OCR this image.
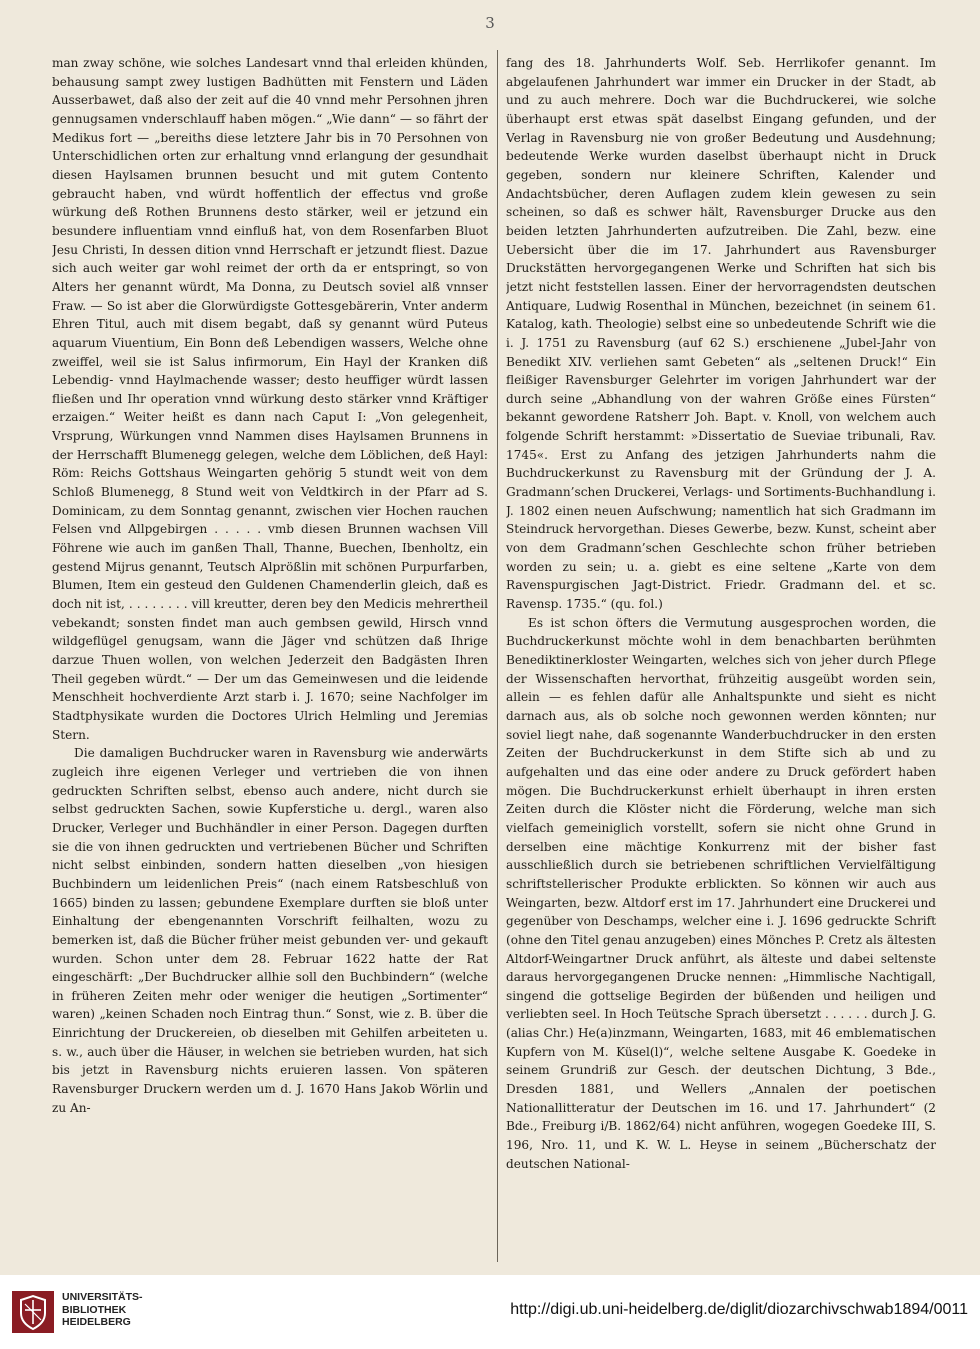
3

man zway schöne, wie solches Landesart vnnd thal erleiden khünden, behausung sampt zwey lustigen Badhütten mit Fenstern und Läden Ausserbawet, daß also der zeit auf die 40 vnnd mehr Persohnen jhren gennugsamen vnderschlauff haben mögen.“ „Wie dann“ — so fährt der Medikus fort — „bereiths diese letztere Jahr bis in 70 Persohnen von Unterschidlichen orten zur erhaltung vnnd erlangung der gesundhait diesen Haylsamen brunnen besucht und mit gutem Contento gebraucht haben, vnd würdt hoffentlich der effectus vnd große würkung deß Rothen Brunnens desto stärker, weil er jetzund ein besundere influentiam vnnd einfluß hat, von dem Rosenfarben Bluot Jesu Christi, In dessen dition vnnd Herrschaft er jetzundt fliest. Dazue sich auch weiter gar wohl reimet der orth da er entspringt, so von Alters her genannt würdt, Ma Donna, zu Deutsch soviel alß vnnser Fraw. — So ist aber die Glorwürdigste Gottesgebärerin, Vnter anderm Ehren Titul, auch mit disem begabt, daß sy genannt würd Puteus aquarum Viuentium, Ein Bonn deß Lebendigen wassers, Welche ohne zweiffel, weil sie ist Salus infirmorum, Ein Hayl der Kranken diß Lebendig- vnnd Haylmachende wasser; desto heuffiger würdt lassen fließen und Ihr operation vnnd würkung desto stärker vnnd Kräftiger erzaigen.“ Weiter heißt es dann nach Caput I: „Von gelegenheit, Vrsprung, Würkungen vnnd Nammen dises Haylsamen Brunnens in der Herrschafft Blumenegg gelegen, welche dem Löblichen, deß Hayl: Röm: Reichs Gottshaus Weingarten gehörig 5 stundt weit von dem Schloß Blumenegg, 8 Stund weit von Veldtkirch in der Pfarr ad S. Dominicam, zu dem Sonntag genannt, zwischen vier Hochen rauchen Felsen vnd Allpgebirgen . . . . . vmb diesen Brunnen wachsen Vill Föhrene wie auch im ganßen Thall, Thanne, Buechen, Ibenholtz, ein gestend Mijrus genannt, Teutsch Alprößlin mit schönen Purpurfarben, Blumen, Item ein gesteud den Guldenen Chamenderlin gleich, daß es doch nit ist, . . . . . . . . vill kreutter, deren bey den Medicis mehrertheil vebekandt; sonsten findet man auch gembsen gewild, Hirsch vnnd wildgeflügel genugsam, wann die Jäger vnd schützen daß Ihrige darzue Thuen wollen, von welchen Jederzeit den Badgästen Ihren Theil gegeben würdt.“ — Der um das Gemeinwesen und die leidende Menschheit hochverdiente Arzt starb i. J. 1670; seine Nachfolger im Stadtphysikate wurden die Doctores Ulrich Helmling und Jeremias Stern.

Die damaligen Buchdrucker waren in Ravensburg wie anderwärts zugleich ihre eigenen Verleger und vertrieben die von ihnen gedruckten Schriften selbst, ebenso auch andere, nicht durch sie selbst gedruckten Sachen, sowie Kupferstiche u. dergl., waren also Drucker, Verleger und Buchhändler in einer Person. Dagegen durften sie die von ihnen gedruckten und vertriebenen Bücher und Schriften nicht selbst einbinden, sondern hatten dieselben „von hiesigen Buchbindern um leidenlichen Preis“ (nach einem Ratsbeschluß von 1665) binden zu lassen; gebundene Exemplare durften sie bloß unter Einhaltung der ebengenannten Vorschrift feilhalten, wozu zu bemerken ist, daß die Bücher früher meist gebunden ver- und gekauft wurden. Schon unter dem 28. Februar 1622 hatte der Rat eingeschärft: „Der Buchdrucker allhie soll den Buchbindern“ (welche in früheren Zeiten mehr oder weniger die heutigen „Sortimenter“ waren) „keinen Schaden noch Eintrag thun.“ Sonst, wie z. B. über die Einrichtung der Druckereien, ob dieselben mit Gehilfen arbeiteten u. s. w., auch über die Häuser, in welchen sie betrieben wurden, hat sich bis jetzt in Ravensburg nichts eruieren lassen. Von späteren Ravensburger Druckern werden um d. J. 1670 Hans Jakob Wörlin und zu An-

fang des 18. Jahrhunderts Wolf. Seb. Herrlikofer genannt. Im abgelaufenen Jahrhundert war immer ein Drucker in der Stadt, ab und zu auch mehrere. Doch war die Buchdruckerei, wie solche überhaupt erst etwas spät daselbst Eingang gefunden, und der Verlag in Ravensburg nie von großer Bedeutung und Ausdehnung; bedeutende Werke wurden daselbst überhaupt nicht in Druck gegeben, sondern nur kleinere Schriften, Kalender und Andachtsbücher, deren Auflagen zudem klein gewesen zu sein scheinen, so daß es schwer hält, Ravensburger Drucke aus den beiden letzten Jahrhunderten aufzutreiben. Die Zahl, bezw. eine Uebersicht über die im 17. Jahrhundert aus Ravensburger Druckstätten hervorgegangenen Werke und Schriften hat sich bis jetzt nicht feststellen lassen. Einer der hervorragendsten deutschen Antiquare, Ludwig Rosenthal in München, bezeichnet (in seinem 61. Katalog, kath. Theologie) selbst eine so unbedeutende Schrift wie die i. J. 1751 zu Ravensburg (auf 62 S.) erschienene „Jubel-Jahr von Benedikt XIV. verliehen samt Gebeten“ als „seltenen Druck!“ Ein fleißiger Ravensburger Gelehrter im vorigen Jahrhundert war der durch seine „Abhandlung von der wahren Größe eines Fürsten“ bekannt gewordene Ratsherr Joh. Bapt. v. Knoll, von welchem auch folgende Schrift herstammt: »Dissertatio de Sueviae tribunali, Rav. 1745«. Erst zu Anfang des jetzigen Jahrhunderts nahm die Buchdruckerkunst zu Ravensburg mit der Gründung der J. A. Gradmann’schen Druckerei, Verlags- und Sortiments-Buchhandlung i. J. 1802 einen neuen Aufschwung; namentlich hat sich Gradmann im Steindruck hervorgethan. Dieses Gewerbe, bezw. Kunst, scheint aber von dem Gradmann’schen Geschlechte schon früher betrieben worden zu sein; u. a. giebt es eine seltene „Karte von dem Ravenspurgischen Jagt-District. Friedr. Gradmann del. et sc. Ravensp. 1735.“ (qu. fol.)

Es ist schon öfters die Vermutung ausgesprochen worden, die Buchdruckerkunst möchte wohl in dem benachbarten berühmten Benediktinerkloster Weingarten, welches sich von jeher durch Pflege der Wissenschaften hervorthat, frühzeitig ausgeübt worden sein, allein — es fehlen dafür alle Anhaltspunkte und sieht es nicht darnach aus, als ob solche noch gewonnen werden könnten; nur soviel liegt nahe, daß sogenannte Wanderbuchdrucker in den ersten Zeiten der Buchdruckerkunst in dem Stifte sich ab und zu aufgehalten und das eine oder andere zu Druck gefördert haben mögen. Die Buchdruckerkunst erhielt überhaupt in ihren ersten Zeiten durch die Klöster nicht die Förderung, welche man sich vielfach gemeiniglich vorstellt, sofern sie nicht ohne Grund in derselben eine mächtige Konkurrenz mit der bisher fast ausschließlich durch sie betriebenen schriftlichen Vervielfältigung schriftstellerischer Produkte erblickten. So können wir auch aus Weingarten, bezw. Altdorf erst im 17. Jahrhundert eine Druckerei und gegenüber von Deschamps, welcher eine i. J. 1696 gedruckte Schrift (ohne den Titel genau anzugeben) eines Mönches P. Cretz als ältesten Altdorf-Weingartner Druck anführt, als älteste und dabei seltenste daraus hervorgegangenen Drucke nennen: „Himmlische Nachtigall, singend die gottselige Begirden der büßenden und heiligen und verliebten seel. In Hoch Teütsche Sprach übersetzt . . . . . . durch J. G. (alias Chr.) He(a)inzmann, Weingarten, 1683, mit 46 emblematischen Kupfern von M. Küsel(l)“, welche seltene Ausgabe K. Goedeke in seinem Grundriß zur Gesch. der deutschen Dichtung, 3 Bde., Dresden 1881, und Wellers „Annalen der poetischen Nationallitteratur der Deutschen im 16. und 17. Jahrhundert“ (2 Bde., Freiburg i/B. 1862/64) nicht anführen, wogegen Goedeke III, S. 196, Nro. 11, und K. W. L. Heyse in seinem „Bücherschatz der deutschen National-

UNIVERSITÄTS-
BIBLIOTHEK
HEIDELBERG
http://digi.ub.uni-heidelberg.de/diglit/diozarchivschwab1894/0011
